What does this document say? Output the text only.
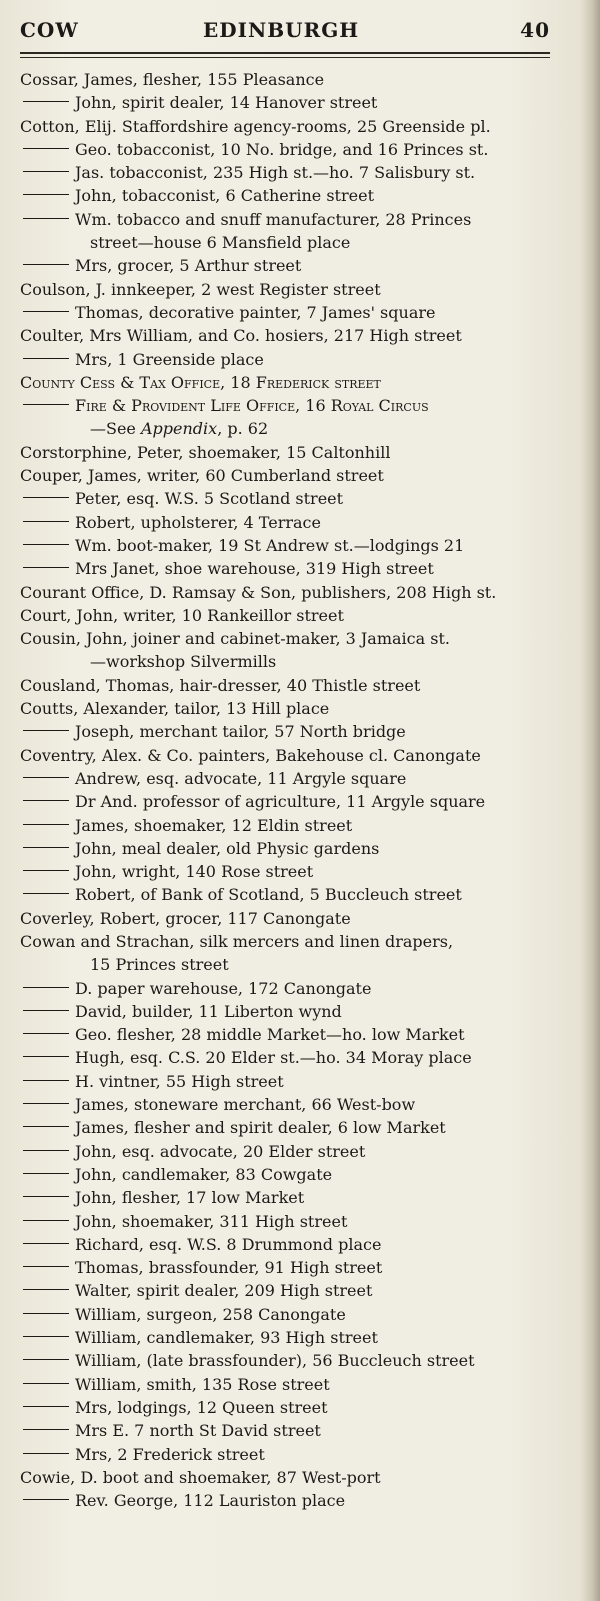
COW	EDINBURGH	40
Cossar, James, flesher, 155 Pleasance
John, spirit dealer, 14 Hanover street
Cotton, Elij. Staffordshire agency-rooms, 25 Greenside pl.
Geo. tobacconist, 10 No. bridge, and 16 Princes st.
Jas. tobacconist, 235 High st.—ho. 7 Salisbury st.
John, tobacconist, 6 Catherine street
Wm. tobacco and snuff manufacturer, 28 Princes
street—house 6 Mansfield place
Mrs, grocer, 5 Arthur street
Coulson, J. innkeeper, 2 west Register street
Thomas, decorative painter, 7 James' square
Coulter, Mrs William, and Co. hosiers, 217 High street
Mrs, 1 Greenside place
County Cess & Tax Office, 18 Frederick street
Fire & Provident Life Office, 16 Royal Circus
—See Appendix, p. 62
Corstorphine, Peter, shoemaker, 15 Caltonhill
Couper, James, writer, 60 Cumberland street
Peter, esq. W.S. 5 Scotland street
Robert, upholsterer, 4 Terrace
Wm. boot-maker, 19 St Andrew st.—lodgings 21
Mrs Janet, shoe warehouse, 319 High street
Courant Office, D. Ramsay & Son, publishers, 208 High st.
Court, John, writer, 10 Rankeillor street
Cousin, John, joiner and cabinet-maker, 3 Jamaica st.
—workshop Silvermills
Cousland, Thomas, hair-dresser, 40 Thistle street
Coutts, Alexander, tailor, 13 Hill place
Joseph, merchant tailor, 57 North bridge
Coventry, Alex. & Co. painters, Bakehouse cl. Canongate
Andrew, esq. advocate, 11 Argyle square
Dr And. professor of agriculture, 11 Argyle square
James, shoemaker, 12 Eldin street
John, meal dealer, old Physic gardens
John, wright, 140 Rose street
Robert, of Bank of Scotland, 5 Buccleuch street
Coverley, Robert, grocer, 117 Canongate
Cowan and Strachan, silk mercers and linen drapers,
15 Princes street
D. paper warehouse, 172 Canongate
David, builder, 11 Liberton wynd
Geo. flesher, 28 middle Market—ho. low Market
Hugh, esq. C.S. 20 Elder st.—ho. 34 Moray place
H. vintner, 55 High street
James, stoneware merchant, 66 West-bow
James, flesher and spirit dealer, 6 low Market
John, esq. advocate, 20 Elder street
John, candlemaker, 83 Cowgate
John, flesher, 17 low Market
John, shoemaker, 311 High street
Richard, esq. W.S. 8 Drummond place
Thomas, brassfounder, 91 High street
Walter, spirit dealer, 209 High street
William, surgeon, 258 Canongate
William, candlemaker, 93 High street
William, (late brassfounder), 56 Buccleuch street
William, smith, 135 Rose street
Mrs, lodgings, 12 Queen street
Mrs E. 7 north St David street
Mrs, 2 Frederick street
Cowie, D. boot and shoemaker, 87 West-port
Rev. George, 112 Lauriston place
